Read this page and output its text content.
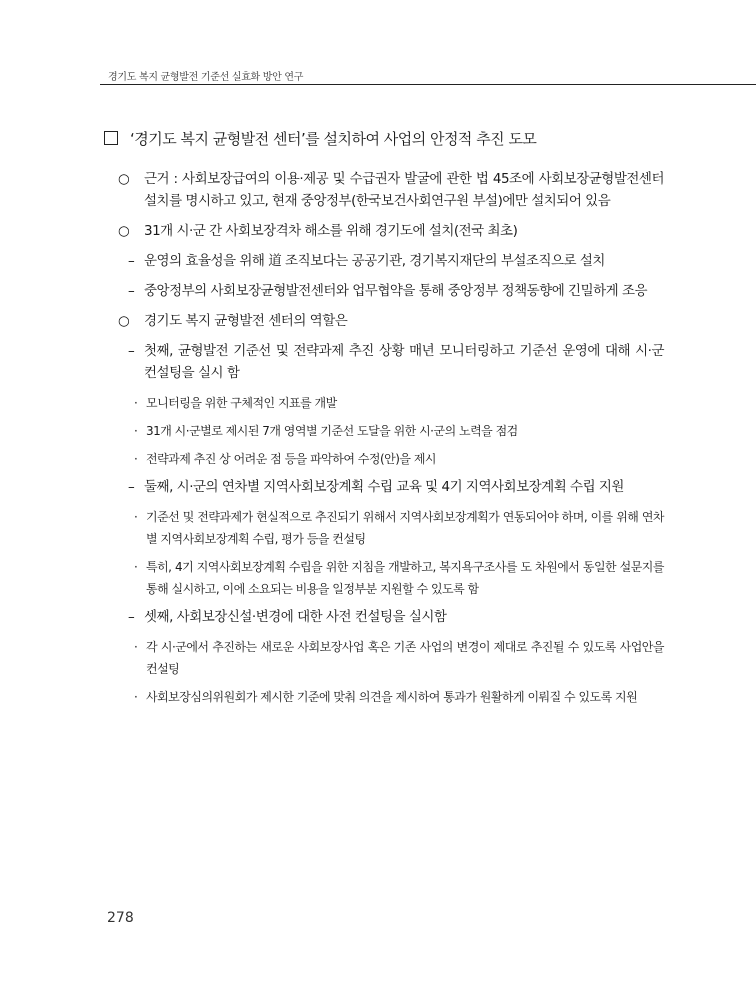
경기도 복지 균형발전 기준선 실효화 방안 연구
‘경기도 복지 균형발전 센터’를 설치하여 사업의 안정적 추진 도모
○ 근거 : 사회보장급여의 이용·제공 및 수급권자 발굴에 관한 법 45조에 사회보장균형발전센터 설치를 명시하고 있고, 현재 중앙정부(한국보건사회연구원 부설)에만 설치되어 있음
○ 31개 시·군 간 사회보장격차 해소를 위해 경기도에 설치(전국 최초)
– 운영의 효율성을 위해 道 조직보다는 공공기관, 경기복지재단의 부설조직으로 설치
– 중앙정부의 사회보장균형발전센터와 업무협약을 통해 중앙정부 정책동향에 긴밀하게 조응
○ 경기도 복지 균형발전 센터의 역할은
– 첫째, 균형발전 기준선 및 전략과제 추진 상황 매년 모니터링하고 기준선 운영에 대해 시·군 컨설팅을 실시 함
· 모니터링을 위한 구체적인 지표를 개발
· 31개 시·군별로 제시된 7개 영역별 기준선 도달을 위한 시·군의 노력을 점검
· 전략과제 추진 상 어려운 점 등을 파악하여 수정(안)을 제시
– 둘째, 시·군의 연차별 지역사회보장계획 수립 교육 및 4기 지역사회보장계획 수립 지원
· 기준선 및 전략과제가 현실적으로 추진되기 위해서 지역사회보장계획가 연동되어야 하며, 이를 위해 연차별 지역사회보장계획 수립, 평가 등을 컨설팅
· 특히, 4기 지역사회보장계획 수립을 위한 지침을 개발하고, 복지욕구조사를 도 차원에서 동일한 설문지를 통해 실시하고, 이에 소요되는 비용을 일정부분 지원할 수 있도록 함
– 셋째, 사회보장신설·변경에 대한 사전 컨설팅을 실시함
· 각 시·군에서 추진하는 새로운 사회보장사업 혹은 기존 사업의 변경이 제대로 추진될 수 있도록 사업안을 컨설팅
· 사회보장심의위원회가 제시한 기준에 맞춰 의견을 제시하여 통과가 원활하게 이뤄질 수 있도록 지원
278
